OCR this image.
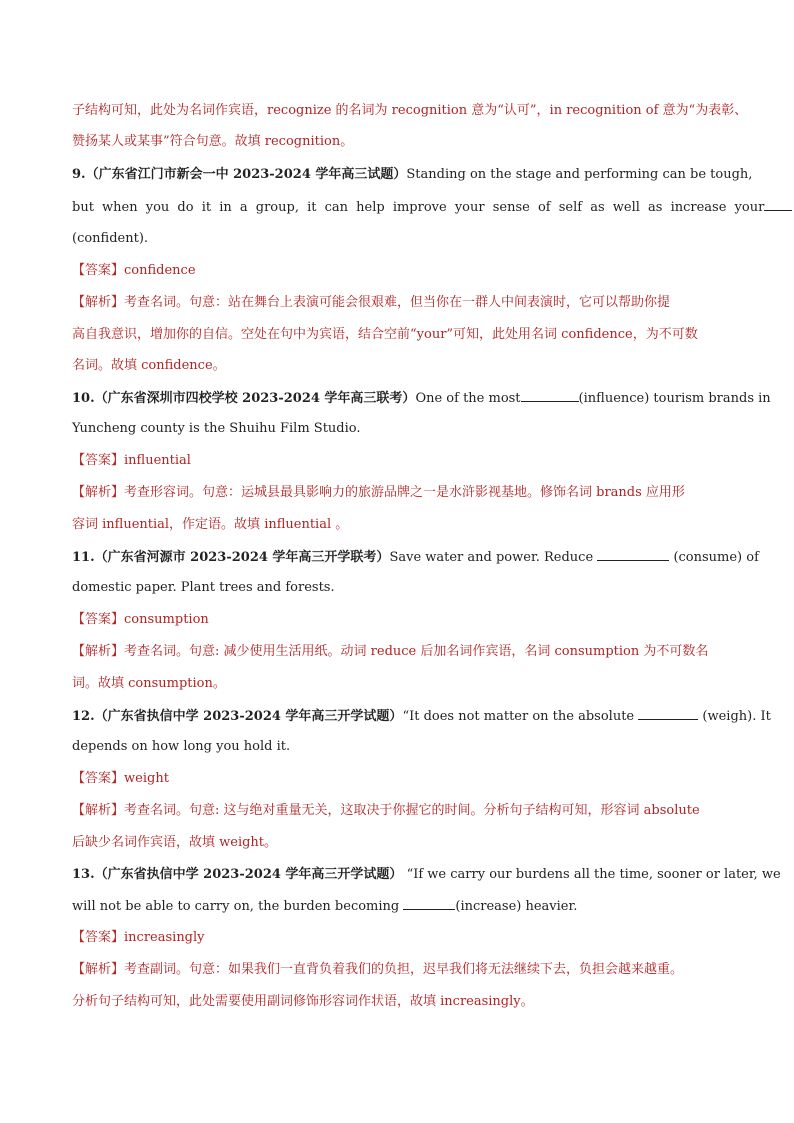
子结构可知，此处为名词作宾语，recognize 的名词为 recognition 意为“认可”，in recognition of 意为“为表彰、
赞扬某人或某事”符合句意。故填 recognition。
9.（广东省江门市新会一中 2023-2024 学年高三试题）Standing on the stage and performing can be tough,
but when you do it in a group, it can help improve your sense of self as well as increase your
(confident).
【答案】confidence
【解析】考查名词。句意：站在舞台上表演可能会很艰难，但当你在一群人中间表演时，它可以帮助你提
高自我意识，增加你的自信。空处在句中为宾语，结合空前“your”可知，此处用名词 confidence，为不可数
名词。故填 confidence。
10.（广东省深圳市四校学校 2023-2024 学年高三联考）One of the most	(influence) tourism brands in
Yuncheng county is the Shuihu Film Studio.
【答案】influential
【解析】考查形容词。句意：运城县最具影响力的旅游品牌之一是水浒影视基地。修饰名词 brands 应用形
容词 influential，作定语。故填 influential 。
11.（广东省河源市 2023-2024 学年高三开学联考）Save water and power. Reduce	(consume) of
domestic paper. Plant trees and forests.
【答案】consumption
【解析】考查名词。句意: 减少使用生活用纸。动词 reduce 后加名词作宾语，名词 consumption 为不可数名
词。故填 consumption。
12.（广东省执信中学 2023-2024 学年高三开学试题）“It does not matter on the absolute	(weigh). It
depends on how long you hold it.
【答案】weight
【解析】考查名词。句意: 这与绝对重量无关，这取决于你握它的时间。分析句子结构可知，形容词 absolute
后缺少名词作宾语，故填 weight。
13.（广东省执信中学 2023-2024 学年高三开学试题） “If we carry our burdens all the time, sooner or later, we
will not be able to carry on, the burden becoming	(increase) heavier.
【答案】increasingly
【解析】考查副词。句意：如果我们一直背负着我们的负担，迟早我们将无法继续下去，负担会越来越重。
分析句子结构可知，此处需要使用副词修饰形容词作状语，故填 increasingly。
